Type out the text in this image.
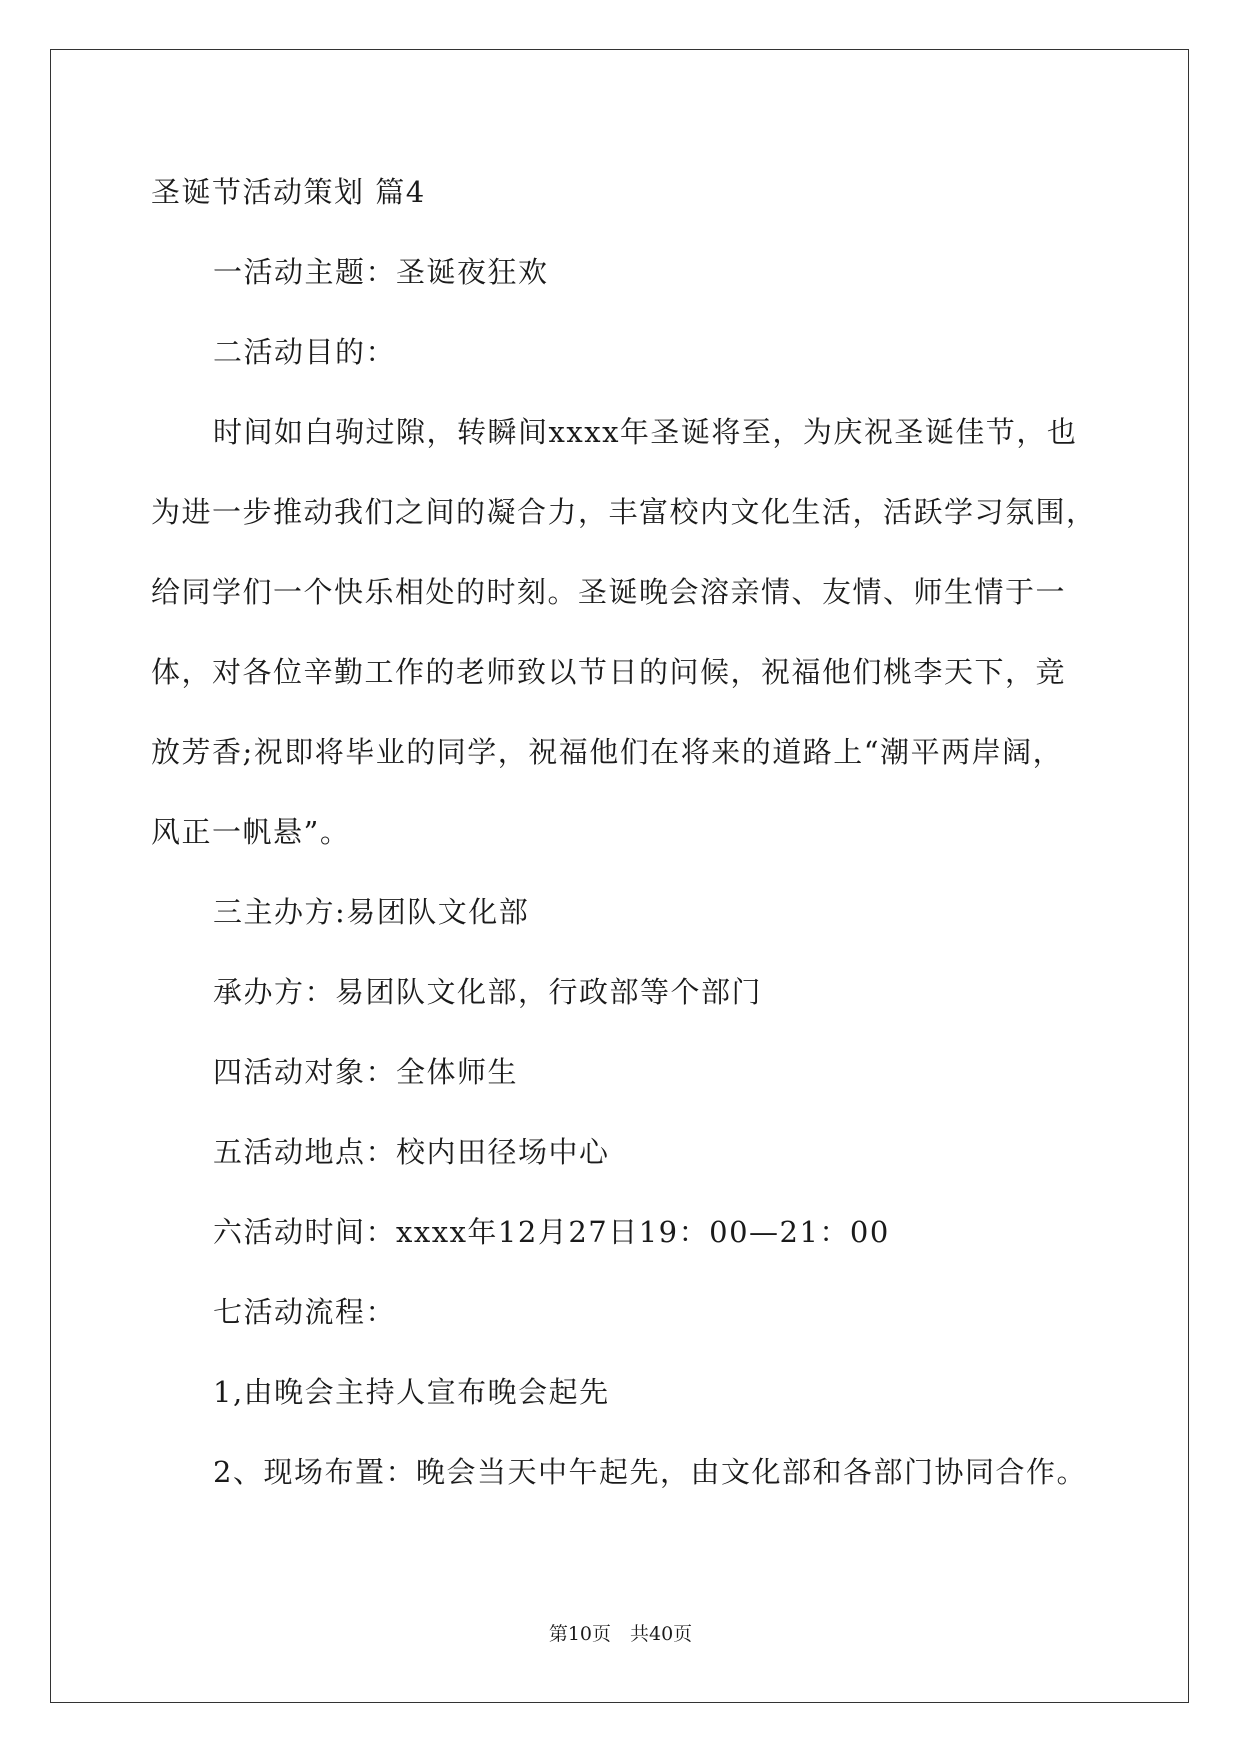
圣诞节活动策划 篇4
一活动主题：圣诞夜狂欢
二活动目的：
时间如白驹过隙，转瞬间xxxx年圣诞将至，为庆祝圣诞佳节，也
为进一步推动我们之间的凝合力，丰富校内文化生活，活跃学习氛围，
给同学们一个快乐相处的时刻。圣诞晚会溶亲情、友情、师生情于一
体，对各位辛勤工作的老师致以节日的问候，祝福他们桃李天下，竞
放芳香;祝即将毕业的同学，祝福他们在将来的道路上“潮平两岸阔，
风正一帆悬”。
三主办方:易团队文化部
承办方：易团队文化部，行政部等个部门
四活动对象：全体师生
五活动地点：校内田径场中心
六活动时间：xxxx年12月27日19：00—21：00
七活动流程：
1,由晚会主持人宣布晚会起先
2、现场布置：晚会当天中午起先，由文化部和各部门协同合作。
第10页　共40页
